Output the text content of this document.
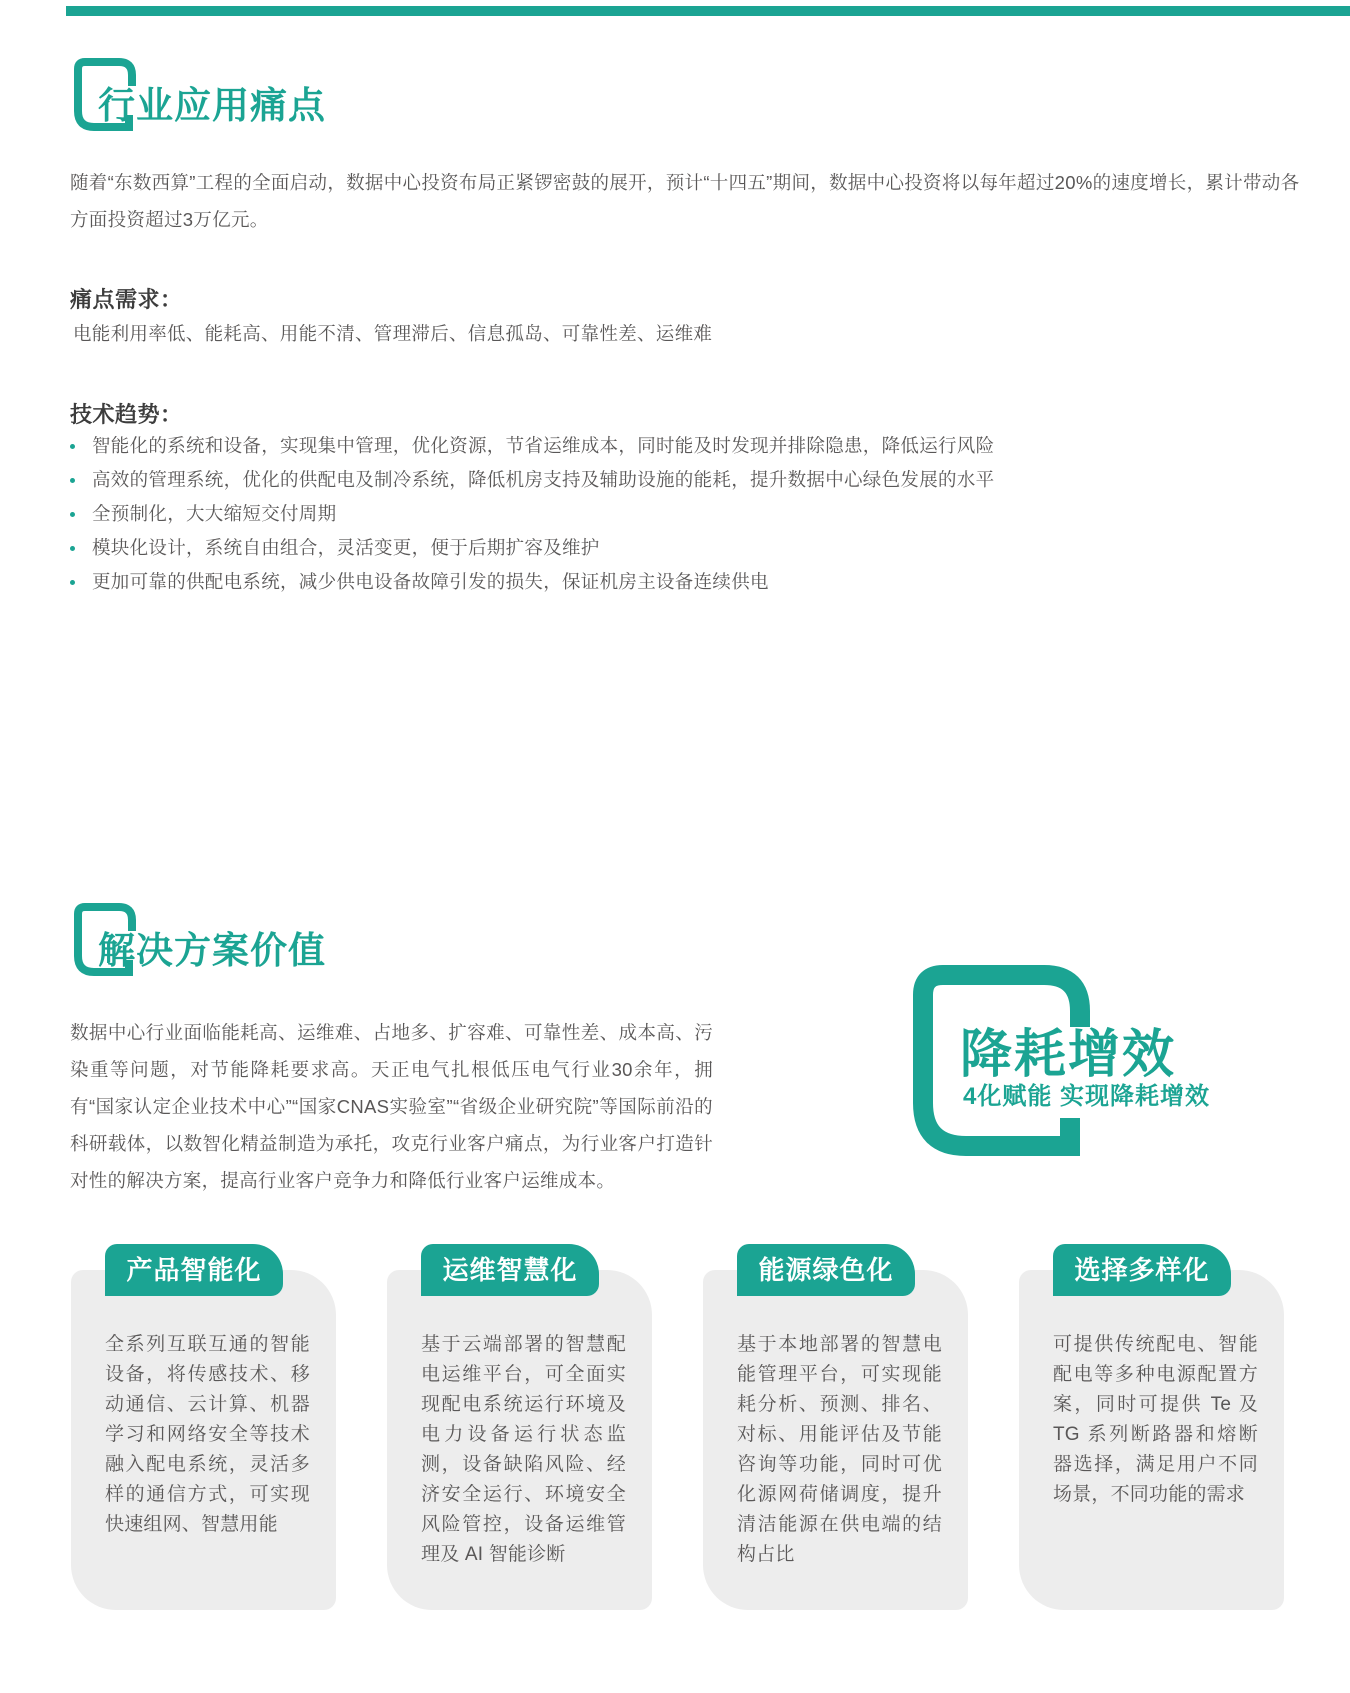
行业应用痛点

随着“东数西算”工程的全面启动，数据中心投资布局正紧锣密鼓的展开，预计“十四五”期间，数据中心投资将以每年超过20%的速度增长，累计带动各方面投资超过3万亿元。

痛点需求：

电能利用率低、能耗高、用能不清、管理滞后、信息孤岛、可靠性差、运维难

技术趋势：
智能化的系统和设备，实现集中管理，优化资源，节省运维成本，同时能及时发现并排除隐患，降低运行风险
高效的管理系统，优化的供配电及制冷系统，降低机房支持及辅助设施的能耗，提升数据中心绿色发展的水平
全预制化，大大缩短交付周期
模块化设计，系统自由组合，灵活变更，便于后期扩容及维护
更加可靠的供配电系统，减少供电设备故障引发的损失，保证机房主设备连续供电
解决方案价值

数据中心行业面临能耗高、运维难、占地多、扩容难、可靠性差、成本高、污染重等问题，对节能降耗要求高。天正电气扎根低压电气行业30余年，拥有“国家认定企业技术中心”“国家CNAS实验室”“省级企业研究院”等国际前沿的科研载体，以数智化精益制造为承托，攻克行业客户痛点，为行业客户打造针对性的解决方案，提高行业客户竞争力和降低行业客户运维成本。

降耗增效

4化赋能 实现降耗增效

产品智能化

全系列互联互通的智能设备，将传感技术、移动通信、云计算、机器学习和网络安全等技术融入配电系统，灵活多样的通信方式，可实现快速组网、智慧用能

运维智慧化

基于云端部署的智慧配电运维平台，可全面实现配电系统运行环境及电力设备运行状态监测，设备缺陷风险、经济安全运行、环境安全风险管控，设备运维管理及 AI 智能诊断

能源绿色化

基于本地部署的智慧电能管理平台，可实现能耗分析、预测、排名、对标、用能评估及节能咨询等功能，同时可优化源网荷储调度，提升清洁能源在供电端的结构占比

选择多样化

可提供传统配电、智能配电等多种电源配置方案，同时可提供 Te 及 TG 系列断路器和熔断器选择，满足用户不同场景，不同功能的需求
